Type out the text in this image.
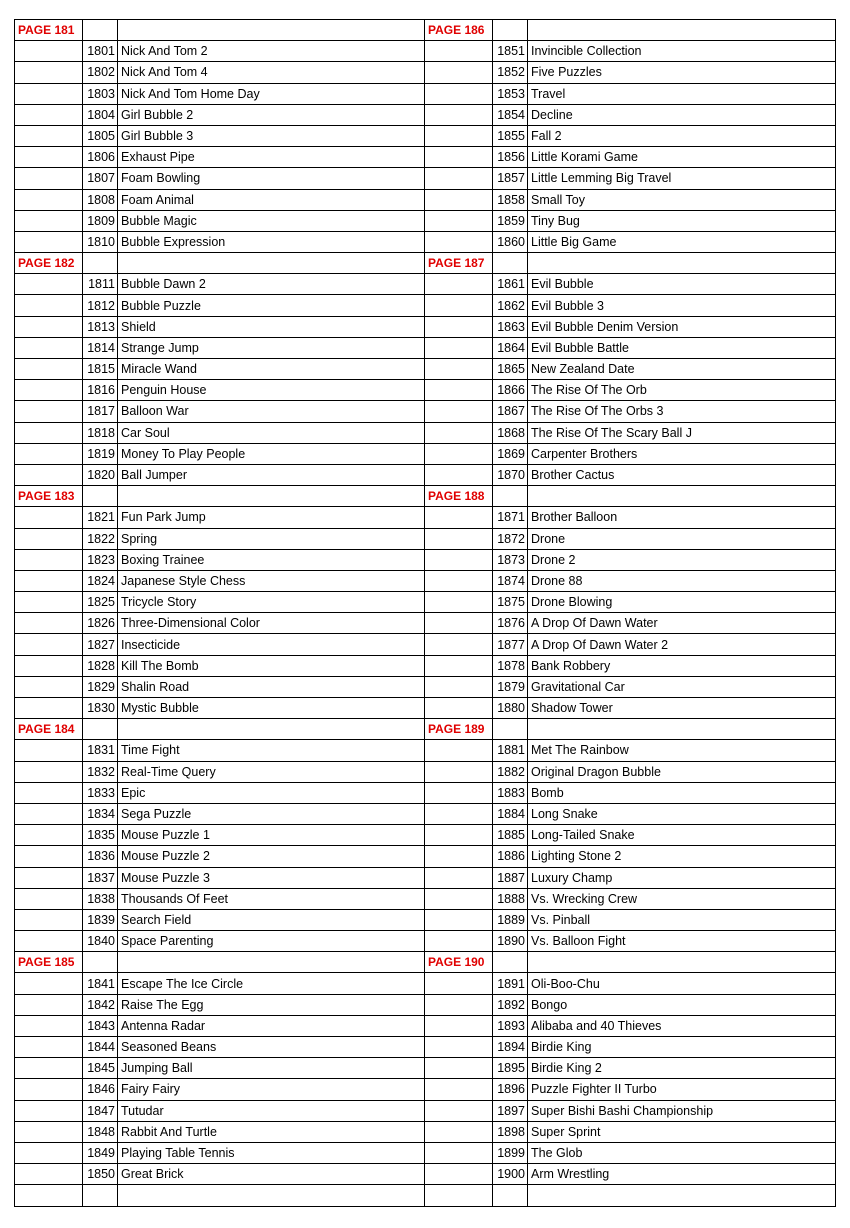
PAGE 181			PAGE 186		
	1801	Nick And Tom 2		1851	Invincible Collection
	1802	Nick And Tom 4		1852	Five Puzzles
	1803	Nick And Tom Home Day		1853	Travel
	1804	Girl Bubble 2		1854	Decline
	1805	Girl Bubble 3		1855	Fall 2
	1806	Exhaust Pipe		1856	Little Korami Game
	1807	Foam Bowling		1857	Little Lemming Big Travel
	1808	Foam Animal		1858	Small Toy
	1809	Bubble Magic		1859	Tiny Bug
	1810	Bubble Expression		1860	Little Big Game
PAGE 182			PAGE 187		
	1811	Bubble Dawn 2		1861	Evil Bubble
	1812	Bubble Puzzle		1862	Evil Bubble 3
	1813	Shield		1863	Evil Bubble Denim Version
	1814	Strange Jump		1864	Evil Bubble Battle
	1815	Miracle Wand		1865	New Zealand Date
	1816	Penguin House		1866	The Rise Of The Orb
	1817	Balloon War		1867	The Rise Of The Orbs 3
	1818	Car Soul		1868	The Rise Of The Scary Ball J
	1819	Money To Play People		1869	Carpenter Brothers
	1820	Ball Jumper		1870	Brother Cactus
PAGE 183			PAGE 188		
	1821	Fun Park Jump		1871	Brother Balloon
	1822	Spring		1872	Drone
	1823	Boxing Trainee		1873	Drone 2
	1824	Japanese Style Chess		1874	Drone 88
	1825	Tricycle Story		1875	Drone Blowing
	1826	Three-Dimensional Color		1876	A Drop Of Dawn Water
	1827	Insecticide		1877	A Drop Of Dawn Water 2
	1828	Kill The Bomb		1878	Bank Robbery
	1829	Shalin Road		1879	Gravitational Car
	1830	Mystic Bubble		1880	Shadow Tower
PAGE 184			PAGE 189		
	1831	Time Fight		1881	Met The Rainbow
	1832	Real-Time Query		1882	Original Dragon Bubble
	1833	Epic		1883	Bomb
	1834	Sega Puzzle		1884	Long Snake
	1835	Mouse Puzzle 1		1885	Long-Tailed Snake
	1836	Mouse Puzzle 2		1886	Lighting Stone 2
	1837	Mouse Puzzle 3		1887	Luxury Champ
	1838	Thousands Of Feet		1888	Vs. Wrecking Crew
	1839	Search Field		1889	Vs. Pinball
	1840	Space Parenting		1890	Vs. Balloon Fight
PAGE 185			PAGE 190		
	1841	Escape The Ice Circle		1891	Oli-Boo-Chu
	1842	Raise The Egg		1892	Bongo
	1843	Antenna Radar		1893	Alibaba and 40 Thieves
	1844	Seasoned Beans		1894	Birdie King
	1845	Jumping Ball		1895	Birdie King 2
	1846	Fairy Fairy		1896	Puzzle Fighter II Turbo
	1847	Tutudar		1897	Super Bishi Bashi Championship
	1848	Rabbit And Turtle		1898	Super Sprint
	1849	Playing Table Tennis		1899	The Glob
	1850	Great Brick		1900	Arm Wrestling
